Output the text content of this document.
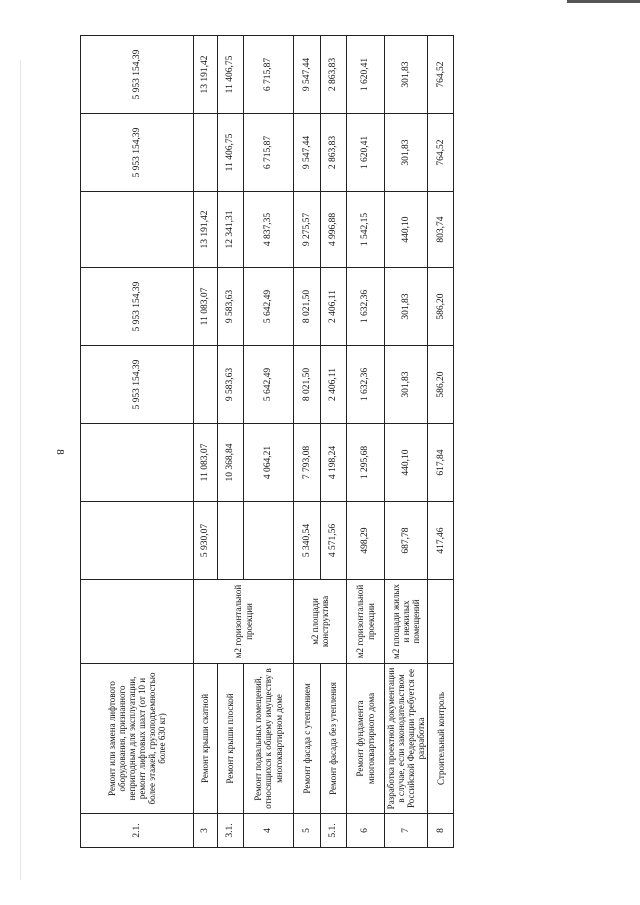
8
2.1.	Ремонт или замена лифтового оборудования, признанного непригодным для эксплуатации, ремонт лифтовых шахт (от 10 и более этажей, грузоподъемностью более 630 кг)				5 953 154,39	5 953 154,39		5 953 154,39	5 953 154,39
3	Ремонт крыши скатной	м2 горизонтальной проекции	5 930,07	11 083,07		11 083,07	13 191,42		13 191,42
3.1.	Ремонт крыши плоской			10 368,84	9 583,63	9 583,63	12 341,31	11 406,75	11 406,75
4	Ремонт подвальных помещений, относящихся к общему имуществу в многоквартирном доме			4 064,21	5 642,49	5 642,49	4 837,35	6 715,87	6 715,87
5	Ремонт фасада с утеплением	м2 площади конструктива	5 340,54	7 793,08	8 021,50	8 021,50	9 275,57	9 547,44	9 547,44
5.1.	Ремонт фасада без утепления		4 571,56	4 198,24	2 406,11	2 406,11	4 996,88	2 863,83	2 863,83
6	Ремонт фундамента многоквартирного дома	м2 горизонтальной проекции	498,29	1 295,68	1 632,36	1 632,36	1 542,15	1 620,41	1 620,41
7	Разработка проектной документации в случае, если законодательством Российской Федерации требуется ее разработка	м2 площади жилых и нежилых помещений	687,78	440,10	301,83	301,83	440,10	301,83	301,83
8	Строительный контроль		417,46	617,84	586,20	586,20	803,74	764,52	764,52
